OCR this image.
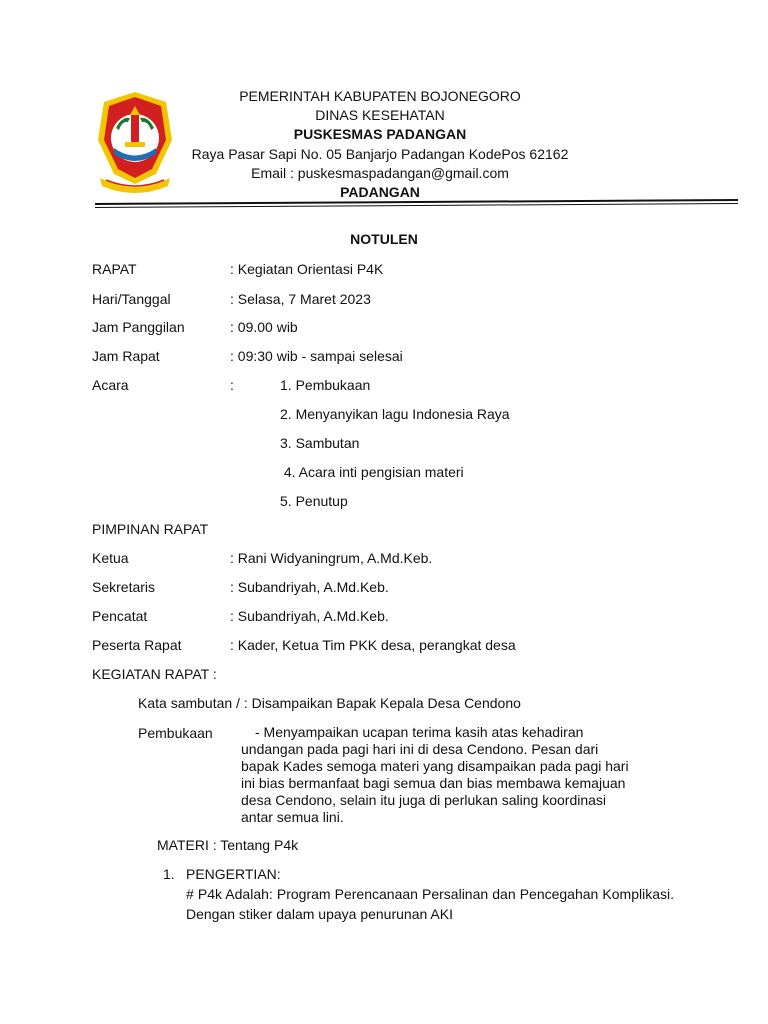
PEMERINTAH KABUPATEN BOJONEGORO
DINAS KESEHATAN
PUSKESMAS PADANGAN
Raya Pasar Sapi No. 05 Banjarjo Padangan KodePos 62162
Email : puskesmaspadangan@gmail.com
PADANGAN
NOTULEN
RAPAT	: Kegiatan Orientasi P4K
Hari/Tanggal	: Selasa, 7 Maret 2023
Jam Panggilan	: 09.00 wib
Jam Rapat	: 09:30 wib - sampai selesai
Acara	:	1. Pembukaan
2. Menyanyikan lagu Indonesia Raya
3. Sambutan
4. Acara inti pengisian materi
5. Penutup
PIMPINAN RAPAT
Ketua	: Rani Widyaningrum, A.Md.Keb.
Sekretaris	: Subandriyah, A.Md.Keb.
Pencatat	: Subandriyah, A.Md.Keb.
Peserta Rapat	: Kader, Ketua Tim PKK desa, perangkat desa
KEGIATAN RAPAT :
Kata sambutan / : Disampaikan Bapak Kepala Desa Cendono
Pembukaan	- Menyampaikan ucapan terima kasih atas kehadiran
undangan pada pagi hari ini di desa Cendono. Pesan dari
bapak Kades semoga materi yang disampaikan pada pagi hari
ini bias bermanfaat bagi semua dan bias membawa kemajuan
desa Cendono, selain itu juga di perlukan saling koordinasi
antar semua lini.
MATERI : Tentang P4k
1. PENGERTIAN:
# P4k Adalah: Program Perencanaan Persalinan dan Pencegahan Komplikasi. Dengan stiker dalam upaya penurunan AKI
